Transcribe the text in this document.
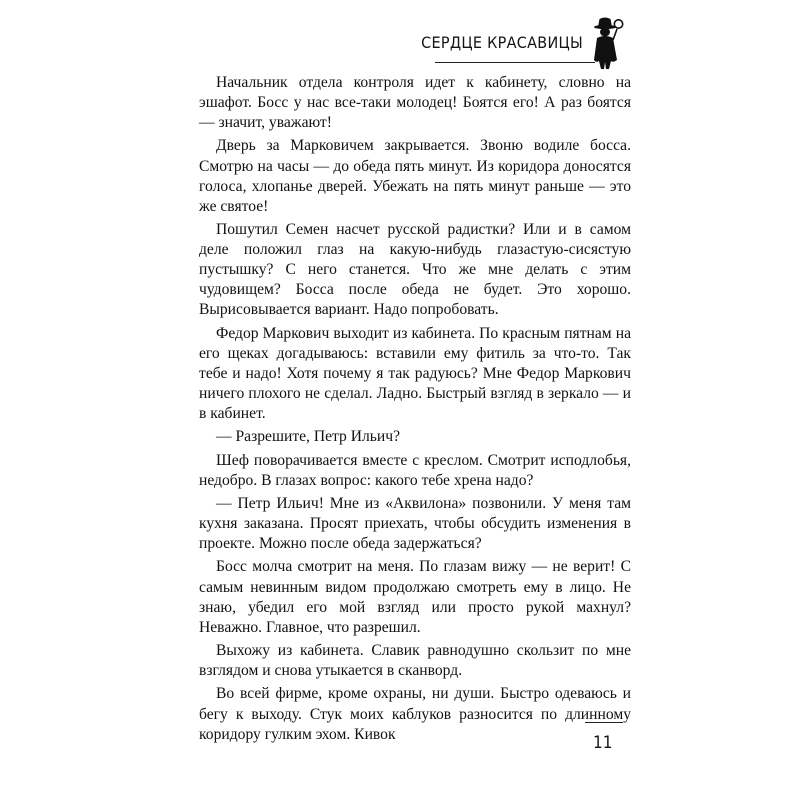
СЕРДЦЕ КРАСАВИЦЫ

Начальник отдела контроля идет к кабинету, словно на эшафот. Босс у нас все-таки молодец! Боятся его! А раз боятся — значит, уважают!

Дверь за Марковичем закрывается. Звоню водиле босса. Смотрю на часы — до обеда пять минут. Из коридора доносятся голоса, хлопанье дверей. Убежать на пять минут раньше — это же святое!

Пошутил Семен насчет русской радистки? Или и в самом деле положил глаз на какую-нибудь глазастую-сисястую пустышку? С него станется. Что же мне делать с этим чудовищем? Босса после обеда не будет. Это хорошо. Вырисовывается вариант. Надо попробовать.

Федор Маркович выходит из кабинета. По красным пятнам на его щеках догадываюсь: вставили ему фитиль за что-то. Так тебе и надо! Хотя почему я так радуюсь? Мне Федор Маркович ничего плохого не сделал. Ладно. Быстрый взгляд в зеркало — и в кабинет.

— Разрешите, Петр Ильич?

Шеф поворачивается вместе с креслом. Смотрит исподлобья, недобро. В глазах вопрос: какого тебе хрена надо?

— Петр Ильич! Мне из «Аквилона» позвонили. У меня там кухня заказана. Просят приехать, чтобы обсудить изменения в проекте. Можно после обеда задержаться?

Босс молча смотрит на меня. По глазам вижу — не верит! С самым невинным видом продолжаю смотреть ему в лицо. Не знаю, убедил его мой взгляд или просто рукой махнул? Неважно. Главное, что разрешил.

Выхожу из кабинета. Славик равнодушно скользит по мне взглядом и снова утыкается в сканворд.

Во всей фирме, кроме охраны, ни души. Быстро одеваюсь и бегу к выходу. Стук моих каблуков разносится по длинному коридору гулким эхом. Кивок	11
